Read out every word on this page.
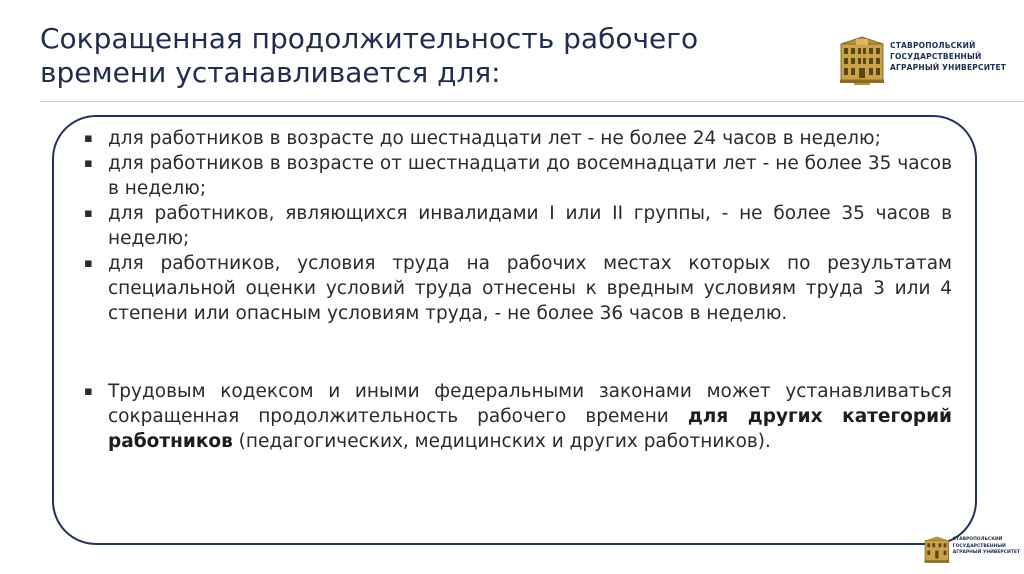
Сокращенная продолжительность рабочего
времени устанавливается для:
СТАВРОПОЛЬСКИЙ
ГОСУДАРСТВЕННЫЙ
АГРАРНЫЙ УНИВЕРСИТЕТ
▪ для работников в возрасте до шестнадцати лет - не более 24 часов в неделю;
▪ для работников в возрасте от шестнадцати до восемнадцати лет - не более 35 часов в неделю;
▪ для работников, являющихся инвалидами I или II группы, - не более 35 часов в неделю;
▪ для работников, условия труда на рабочих местах которых по результатам специальной оценки условий труда отнесены к вредным условиям труда 3 или 4 степени или опасным условиям труда, - не более 36 часов в неделю.
▪ Трудовым кодексом и иными федеральными законами может устанавливаться сокращенная продолжительность рабочего времени для других категорий работников (педагогических, медицинских и других работников).
СТАВРОПОЛЬСКИЙ
ГОСУДАРСТВЕННЫЙ
АГРАРНЫЙ УНИВЕРСИТЕТ
